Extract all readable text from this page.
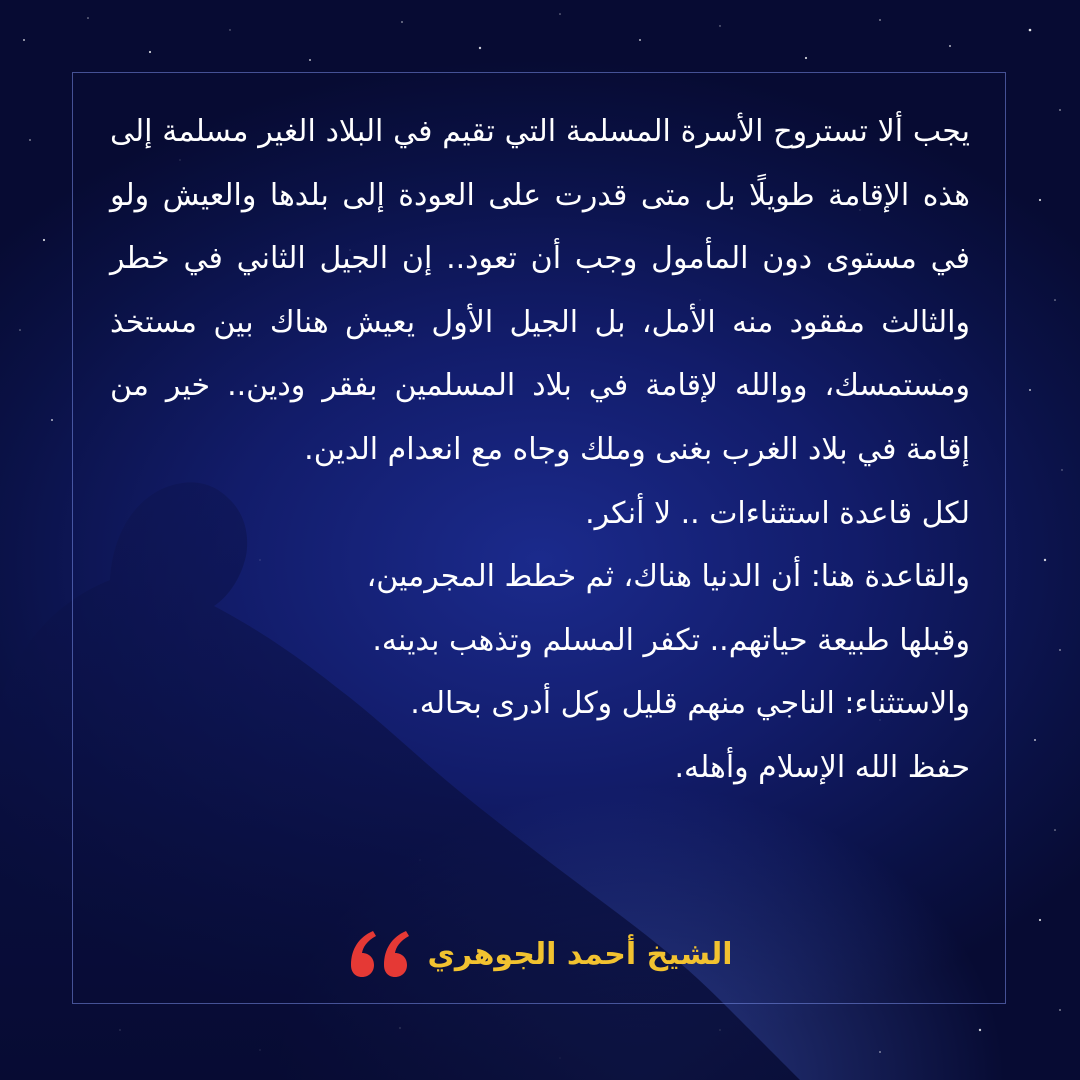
يجب ألا تستروح الأسرة المسلمة التي تقيم في البلاد الغير مسلمة إلى هذه الإقامة طويلًا بل متى قدرت على العودة إلى بلدها والعيش ولو في مستوى دون المأمول وجب أن تعود.. إن الجيل الثاني في خطر والثالث مفقود منه الأمل، بل الجيل الأول يعيش هناك بين مستخذ ومستمسك، ووالله لإقامة في بلاد المسلمين بفقر ودين.. خير من إقامة في بلاد الغرب بغنى وملك وجاه مع انعدام الدين.

لكل قاعدة استثناءات .. لا أنكر.

والقاعدة هنا: أن الدنيا هناك، ثم خطط المجرمين،

وقبلها طبيعة حياتهم.. تكفر المسلم وتذهب بدينه.

والاستثناء: الناجي منهم قليل وكل أدرى بحاله.

حفظ الله الإسلام وأهله.

الشيخ أحمد الجوهري
